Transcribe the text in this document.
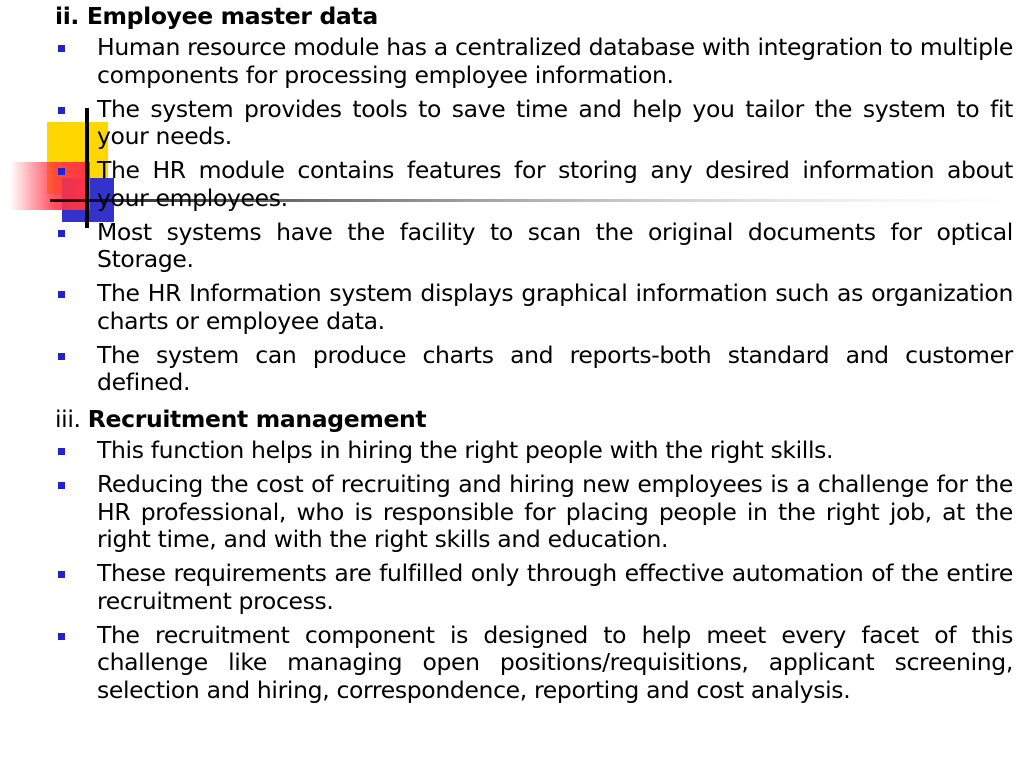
ii. Employee master data
Human resource module has a centralized database with integration to multiple components for processing employee information.
The system provides tools to save time and help you tailor the system to fit your needs.
The HR module contains features for storing any desired information about your employees.
Most systems have the facility to scan the original documents for optical Storage.
The HR Information system displays graphical information such as organization charts or employee data.
The system can produce charts and reports-both standard and customer defined.
iii.
Recruitment management
This function helps in hiring the right people with the right skills.
Reducing the cost of recruiting and hiring new employees is a challenge for the HR professional, who is responsible for placing people in the right job, at the right time, and with the right skills and education.
These requirements are fulfilled only through effective automation of the entire recruitment process.
The recruitment component is designed to help meet every facet of this challenge like managing open positions/requisitions, applicant screening, selection and hiring, correspondence, reporting and cost analysis.
